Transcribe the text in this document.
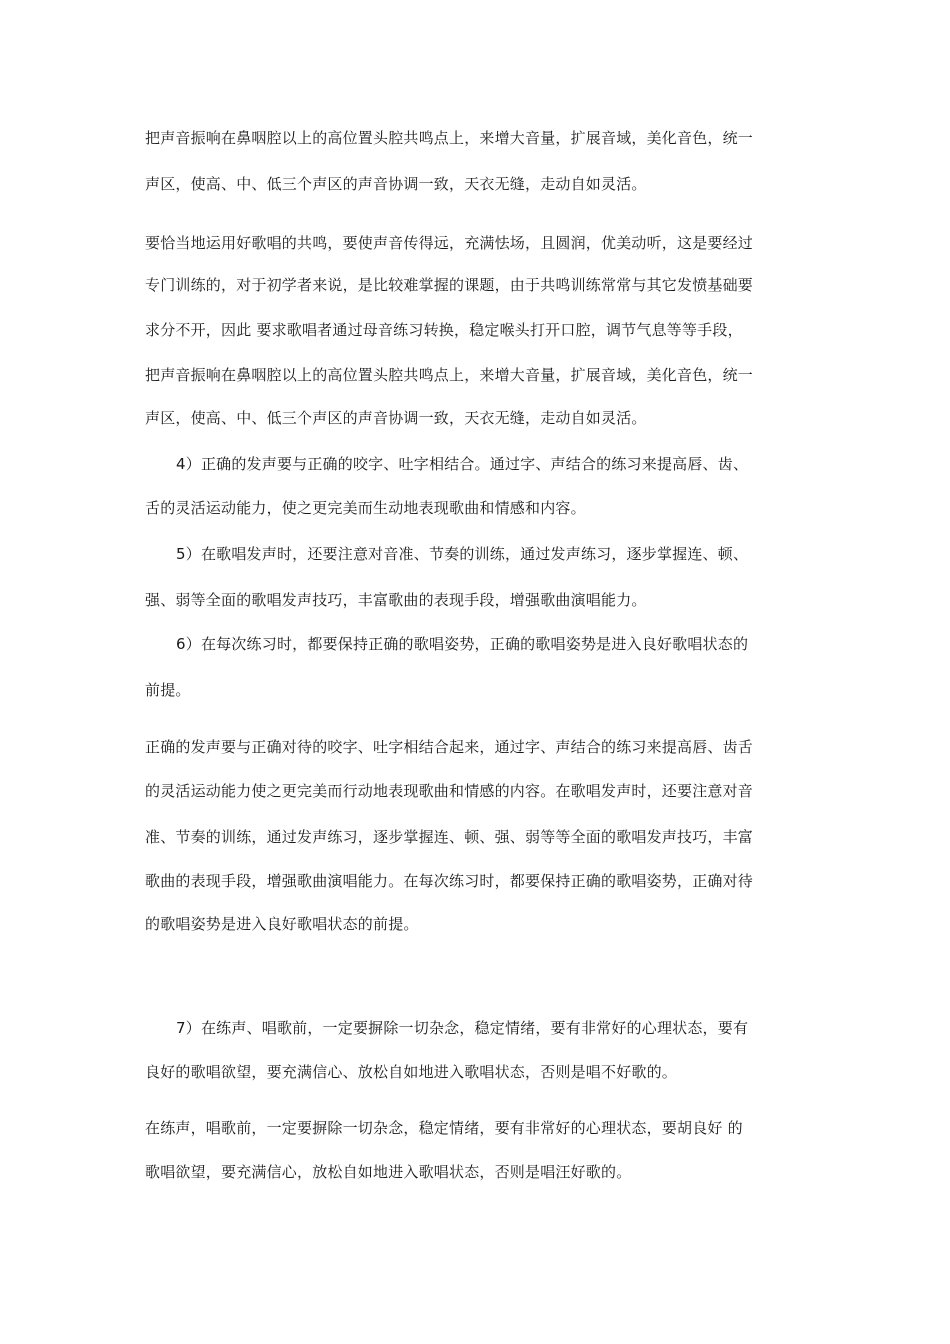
把声音振响在鼻咽腔以上的高位置头腔共鸣点上，来增大音量，扩展音域，美化音色，统一
声区，使高、中、低三个声区的声音协调一致，天衣无缝，走动自如灵活。
要恰当地运用好歌唱的共鸣，要使声音传得远，充满怯场，且圆润，优美动听，这是要经过
专门训练的，对于初学者来说，是比较难掌握的课题，由于共鸣训练常常与其它发愤基础要
求分不开，因此 要求歌唱者通过母音练习转换，稳定喉头打开口腔，调节气息等等手段，
把声音振响在鼻咽腔以上的高位置头腔共鸣点上，来增大音量，扩展音域，美化音色，统一
声区，使高、中、低三个声区的声音协调一致，天衣无缝，走动自如灵活。
4）正确的发声要与正确的咬字、吐字相结合。通过字、声结合的练习来提高唇、齿、
舌的灵活运动能力，使之更完美而生动地表现歌曲和情感和内容。
5）在歌唱发声时，还要注意对音准、节奏的训练，通过发声练习，逐步掌握连、顿、
强、弱等全面的歌唱发声技巧，丰富歌曲的表现手段，增强歌曲演唱能力。
6）在每次练习时，都要保持正确的歌唱姿势，正确的歌唱姿势是进入良好歌唱状态的
前提。
正确的发声要与正确对待的咬字、吐字相结合起来，通过字、声结合的练习来提高唇、齿舌
的灵活运动能力使之更完美而行动地表现歌曲和情感的内容。在歌唱发声时，还要注意对音
准、节奏的训练，通过发声练习，逐步掌握连、顿、强、弱等等全面的歌唱发声技巧，丰富
歌曲的表现手段，增强歌曲演唱能力。在每次练习时，都要保持正确的歌唱姿势，正确对待
的歌唱姿势是进入良好歌唱状态的前提。
7）在练声、唱歌前，一定要摒除一切杂念，稳定情绪，要有非常好的心理状态，要有
良好的歌唱欲望，要充满信心、放松自如地进入歌唱状态，否则是唱不好歌的。
在练声，唱歌前，一定要摒除一切杂念，稳定情绪，要有非常好的心理状态，要胡良好 的
歌唱欲望，要充满信心，放松自如地进入歌唱状态，否则是唱汪好歌的。
